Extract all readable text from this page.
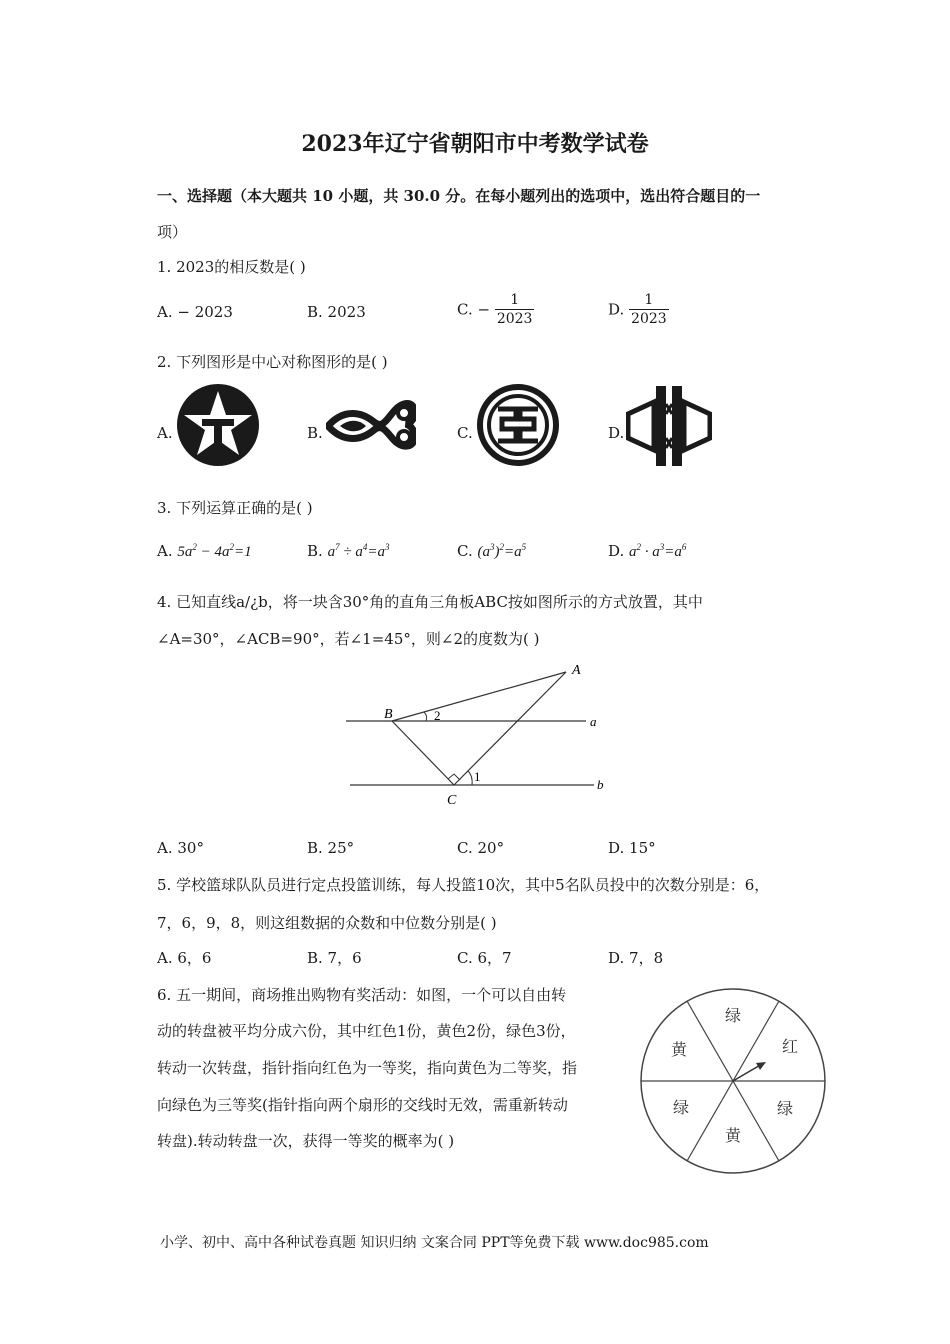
2023年辽宁省朝阳市中考数学试卷
一、选择题（本大题共 10 小题，共 30.0 分。在每小题列出的选项中，选出符合题目的一
项）
1. 2023的相反数是( )
A. − 2023	B. 2023	C. − $\frac{1}{2023}$	D. $\frac{1}{2023}$
2. 下列图形是中心对称图形的是( )
A.	B.	C.	D.
3. 下列运算正确的是( )
A. $5a^2 - 4a^2=1$	B. $a^7 \div a^4=a^3$	C. $(a^3)^2=a^5$	D. $a^2 \cdot a^3=a^6$
4. 已知直线a/¿b，将一块含30°角的直角三角板ABC按如图所示的方式放置，其中
∠A=30°，∠ACB=90°，若∠1=45°，则∠2的度数为( )
A
B
C
a
b
1
2
A. 30°	B. 25°	C. 20°	D. 15°
5. 学校篮球队队员进行定点投篮训练，每人投篮10次，其中5名队员投中的次数分别是：6，
7，6，9，8，则这组数据的众数和中位数分别是( )
A. 6，6	B. 7，6	C. 6，7	D. 7，8
6. 五一期间，商场推出购物有奖活动：如图，一个可以自由转
动的转盘被平均分成六份，其中红色1份，黄色2份，绿色3份，
转动一次转盘，指针指向红色为一等奖，指向黄色为二等奖，指
向绿色为三等奖(指针指向两个扇形的交线时无效，需重新转动
转盘).转动转盘一次，获得一等奖的概率为( )
绿
红
绿
黄
绿
黄
小学、初中、高中各种试卷真题 知识归纳 文案合同 PPT等免费下载 www.doc985.com
